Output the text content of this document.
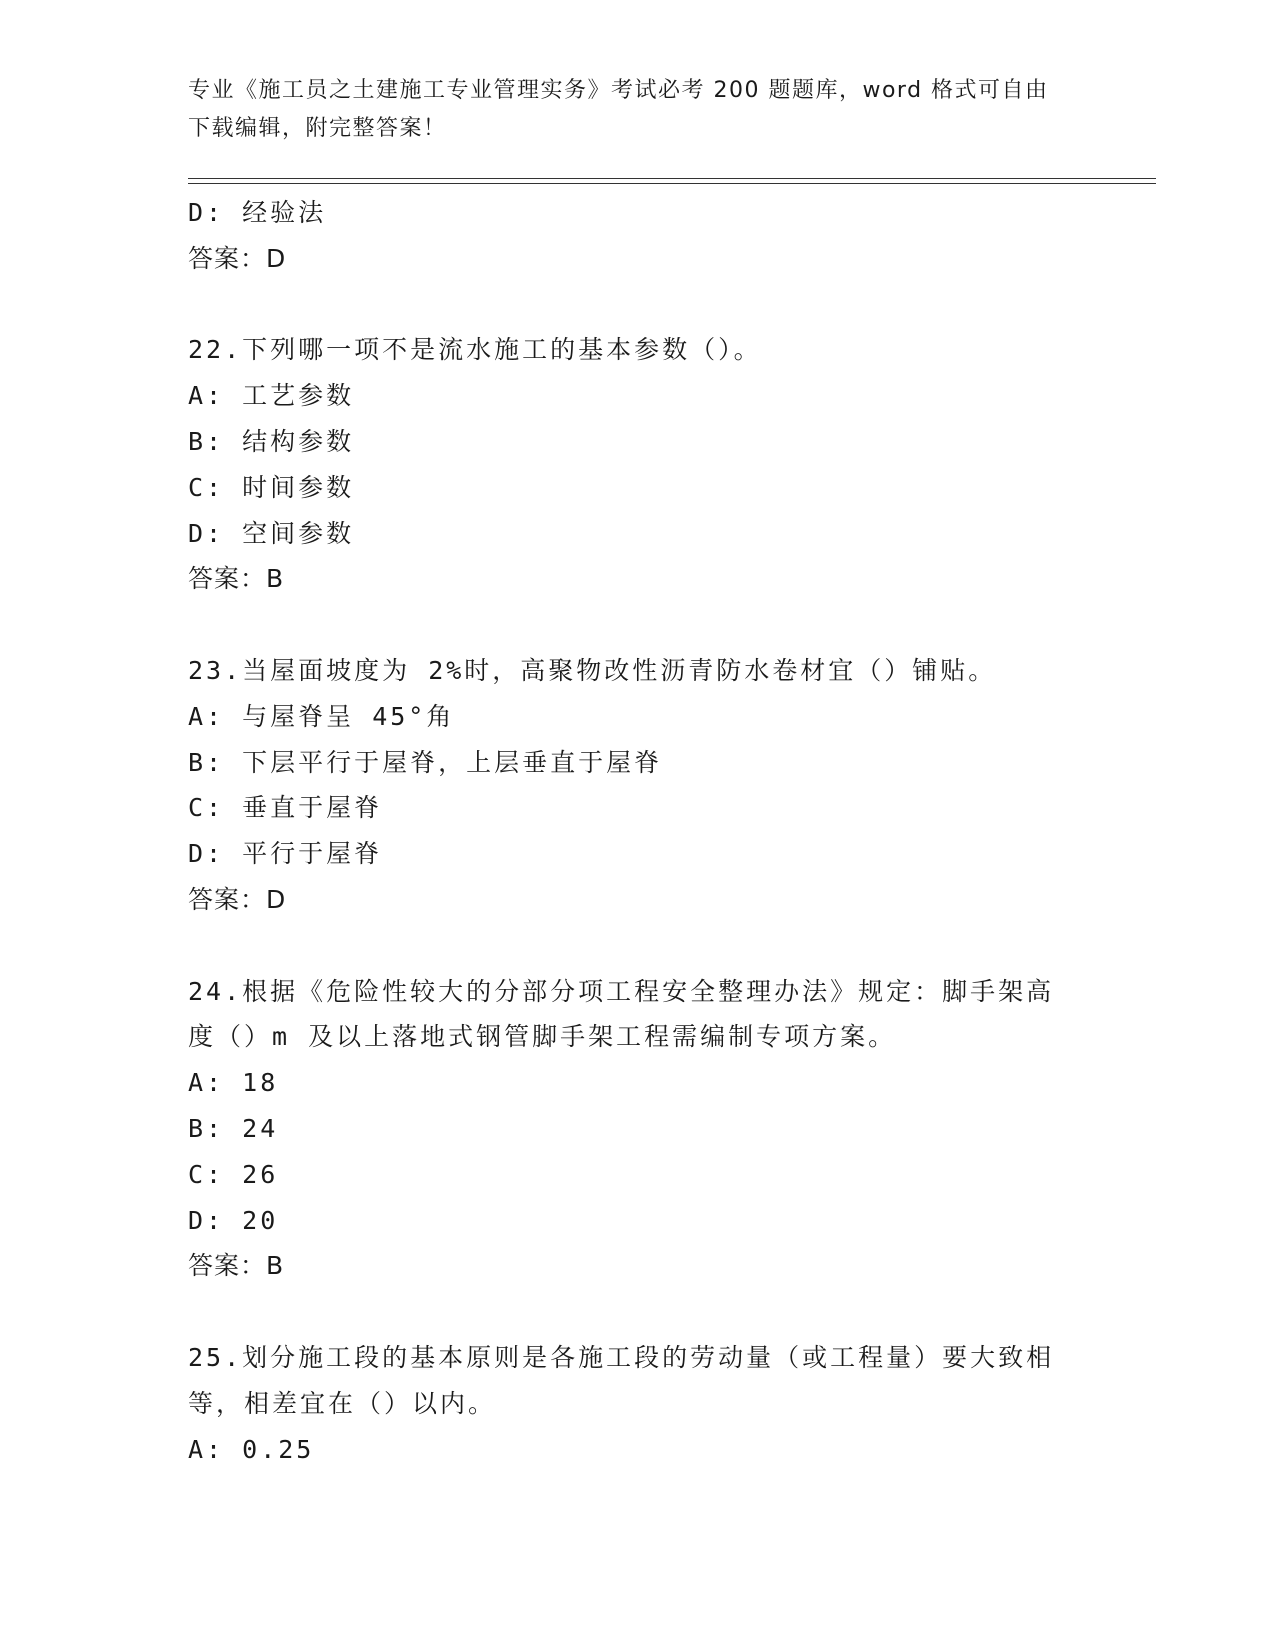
专业《施工员之土建施工专业管理实务》考试必考 200 题题库，word 格式可自由
下载编辑，附完整答案！
D: 经验法
答案：D
22.下列哪一项不是流水施工的基本参数（）。
A: 工艺参数
B: 结构参数
C: 时间参数
D: 空间参数
答案：B
23.当屋面坡度为 2%时，高聚物改性沥青防水卷材宜（）铺贴。
A: 与屋脊呈 45°角
B: 下层平行于屋脊，上层垂直于屋脊
C: 垂直于屋脊
D: 平行于屋脊
答案：D
24.根据《危险性较大的分部分项工程安全整理办法》规定：脚手架高
度（）m 及以上落地式钢管脚手架工程需编制专项方案。
A: 18
B: 24
C: 26
D: 20
答案：B
25.划分施工段的基本原则是各施工段的劳动量（或工程量）要大致相
等，相差宜在（）以内。
A: 0.25
